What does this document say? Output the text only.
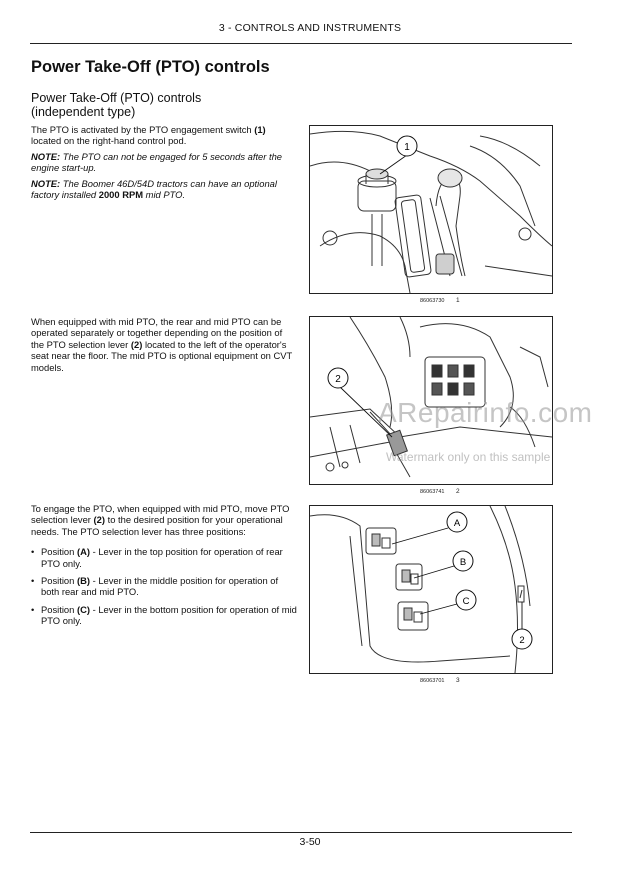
3 - CONTROLS AND INSTRUMENTS
Power Take-Off (PTO) controls
Power Take-Off (PTO) controls
(independent type)

The PTO is activated by the PTO engagement switch (1) located on the right-hand control pod.

NOTE: The PTO can not be engaged for 5 seconds after the engine start-up.

NOTE: The Boomer 46D/54D tractors can have an optional factory installed 2000 RPM mid PTO.

1
86063730 1

When equipped with mid PTO, the rear and mid PTO can be operated separately or together depending on the position of the PTO selection lever (2) located to the left of the operator's seat near the floor. The mid PTO is optional equipment on CVT models.

2
86063741 2
ARepairinfo.com
Watermark only on this sample

To engage the PTO, when equipped with mid PTO, move PTO selection lever (2) to the desired position for your operational needs. The PTO selection lever has three positions:

• Position (A) - Lever in the top position for operation of rear PTO only.
• Position (B) - Lever in the middle position for operation of both rear and mid PTO.
• Position (C) - Lever in the bottom position for operation of mid PTO only.
A
B
C
2
86063701 3
3-50
